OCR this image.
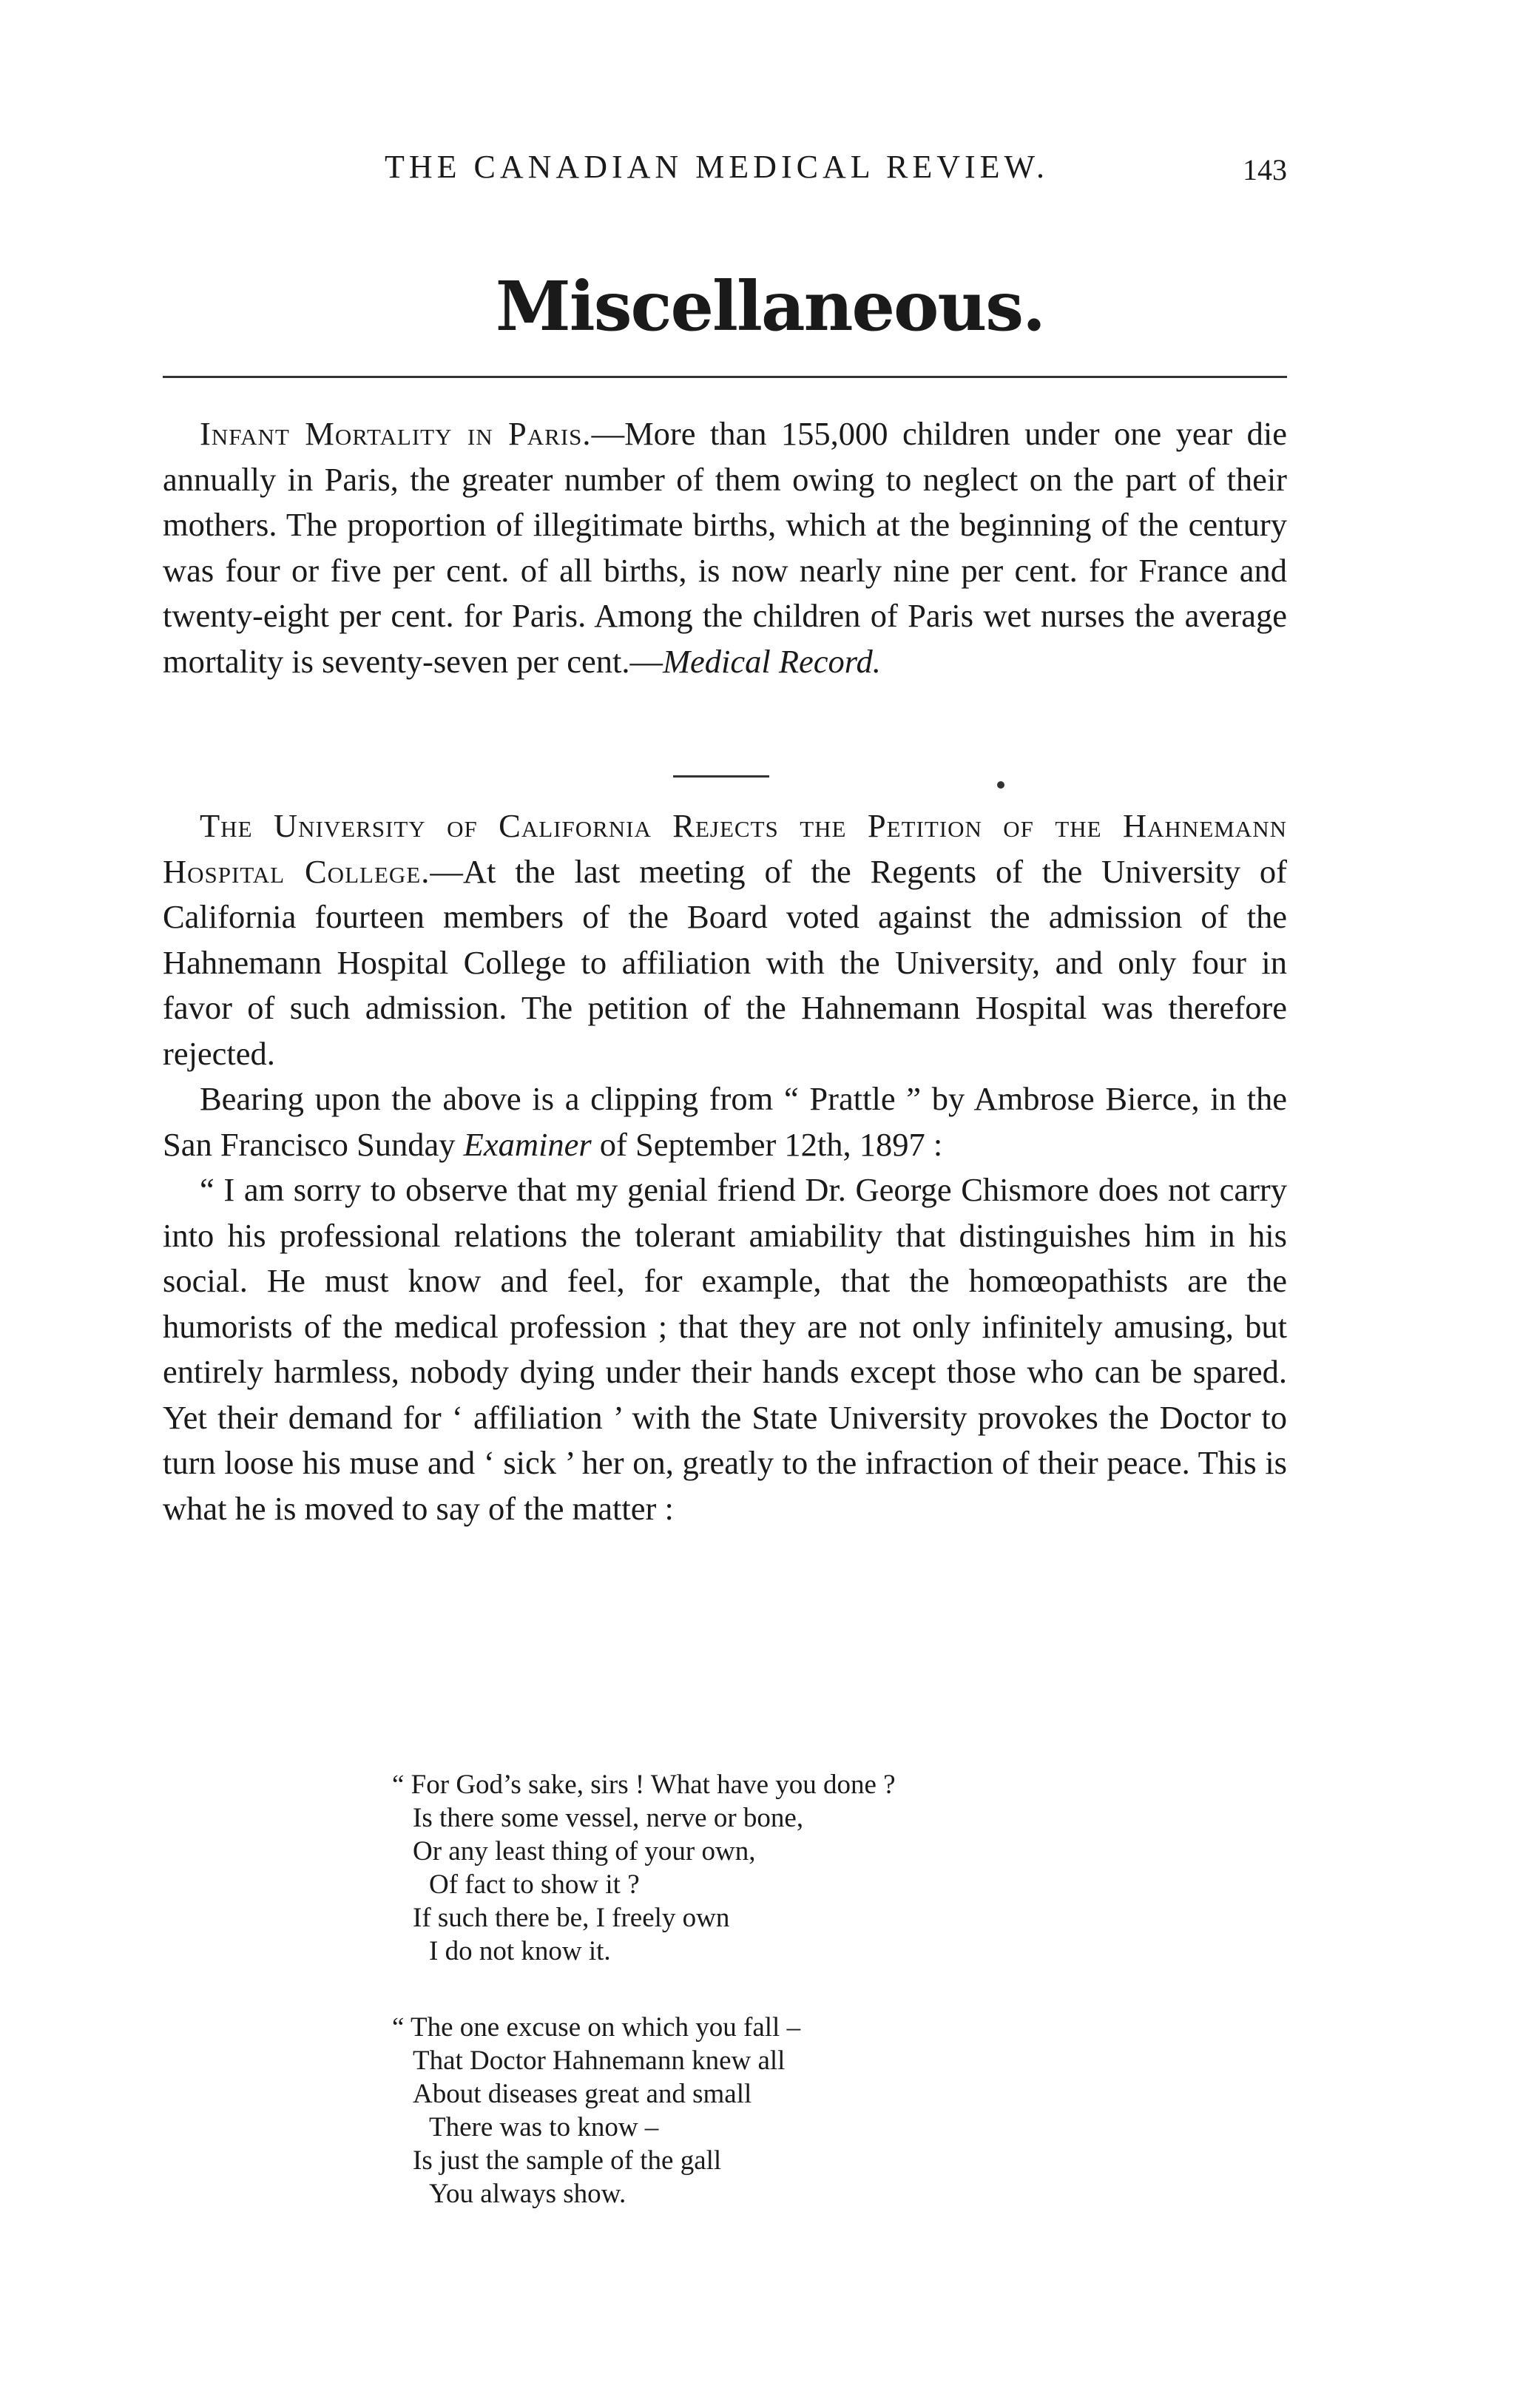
THE CANADIAN MEDICAL REVIEW.	143
Miscellaneous.

Infant Mortality in Paris.—More than 155,000 children under one year die annually in Paris, the greater number of them owing to neglect on the part of their mothers. The proportion of illegitimate births, which at the beginning of the century was four or five per cent. of all births, is now nearly nine per cent. for France and twenty-eight per cent. for Paris. Among the children of Paris wet nurses the average mortality is seventy-seven per cent.—Medical Record.

The University of California Rejects the Petition of the Hahnemann Hospital College.—At the last meeting of the Regents of the University of California fourteen members of the Board voted against the admission of the Hahnemann Hospital College to affiliation with the University, and only four in favor of such admission. The petition of the Hahnemann Hospital was therefore rejected.

Bearing upon the above is a clipping from “ Prattle ” by Ambrose Bierce, in the San Francisco Sunday Examiner of September 12th, 1897 :

“ I am sorry to observe that my genial friend Dr. George Chismore does not carry into his professional relations the tolerant amiability that distinguishes him in his social. He must know and feel, for example, that the homœopathists are the humorists of the medical profession ; that they are not only infinitely amusing, but entirely harmless, nobody dying under their hands except those who can be spared. Yet their demand for ‘ affiliation ’ with the State University provokes the Doctor to turn loose his muse and ‘ sick ’ her on, greatly to the infraction of their peace. This is what he is moved to say of the matter :

“ For God’s sake, sirs ! What have you done ?
Is there some vessel, nerve or bone,
Or any least thing of your own,
Of fact to show it ?
If such there be, I freely own
I do not know it.
“ The one excuse on which you fall –
That Doctor Hahnemann knew all
About diseases great and small
There was to know –
Is just the sample of the gall
You always show.
